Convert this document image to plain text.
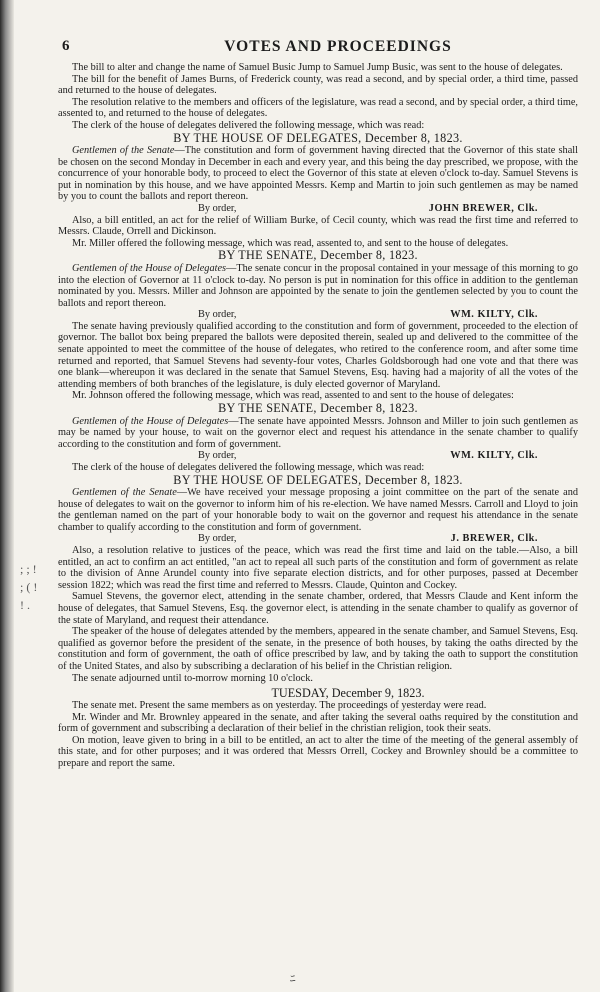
; ; ! ; ( ! ! .
6	VOTES AND PROCEEDINGS

The bill to alter and change the name of Samuel Busic Jump to Samuel Jump Busic, was sent to the house of delegates.

The bill for the benefit of James Burns, of Frederick county, was read a second, and by special order, a third time, passed and returned to the house of delegates.

The resolution relative to the members and officers of the legislature, was read a second, and by special order, a third time, assented to, and returned to the house of delegates.

The clerk of the house of delegates delivered the following message, which was read:

BY THE HOUSE OF DELEGATES, December 8, 1823.

Gentlemen of the Senate—The constitution and form of government having directed that the Governor of this state shall be chosen on the second Monday in December in each and every year, and this being the day prescribed, we propose, with the concurrence of your honorable body, to proceed to elect the Governor of this state at eleven o'clock to-day. Samuel Stevens is put in nomination by this house, and we have appointed Messrs. Kemp and Martin to join such gentlemen as may be named by you to count the ballots and report thereon.

By order,	JOHN BREWER, Clk.

Also, a bill entitled, an act for the relief of William Burke, of Cecil county, which was read the first time and referred to Messrs. Claude, Orrell and Dickinson.

Mr. Miller offered the following message, which was read, assented to, and sent to the house of delegates.

BY THE SENATE, December 8, 1823.

Gentlemen of the House of Delegates—The senate concur in the proposal contained in your message of this morning to go into the election of Governor at 11 o'clock to-day. No person is put in nomination for this office in addition to the gentleman nominated by you. Messrs. Miller and Johnson are appointed by the senate to join the gentlemen selected by you to count the ballots and report thereon.

By order,	WM. KILTY, Clk.

The senate having previously qualified according to the constitution and form of government, proceeded to the election of governor. The ballot box being prepared the ballots were deposited therein, sealed up and delivered to the committee of the senate appointed to meet the committee of the house of delegates, who retired to the conference room, and after some time returned and reported, that Samuel Stevens had seventy-four votes, Charles Goldsborough had one vote and that there was one blank—whereupon it was declared in the senate that Samuel Stevens, Esq. having had a majority of all the votes of the attending members of both branches of the legislature, is duly elected governor of Maryland.

Mr. Johnson offered the following message, which was read, assented to and sent to the house of delegates:

BY THE SENATE, December 8, 1823.

Gentlemen of the House of Delegates—The senate have appointed Messrs. Johnson and Miller to join such gentlemen as may be named by your house, to wait on the governor elect and request his attendance in the senate chamber to qualify according to the constitution and form of government.

By order,	WM. KILTY, Clk.

The clerk of the house of delegates delivered the following message, which was read:

BY THE HOUSE OF DELEGATES, December 8, 1823.

Gentlemen of the Senate—We have received your message proposing a joint committee on the part of the senate and house of delegates to wait on the governor to inform him of his re-election. We have named Messrs. Carroll and Lloyd to join the gentleman named on the part of your honorable body to wait on the governor and request his attendance in the senate chamber to qualify according to the constitution and form of government.

By order,	J. BREWER, Clk.

Also, a resolution relative to justices of the peace, which was read the first time and laid on the table.—Also, a bill entitled, an act to confirm an act entitled, "an act to repeal all such parts of the constitution and form of government as relate to the division of Anne Arundel county into five separate election districts, and for other purposes, passed at December session 1822; which was read the first time and referred to Messrs. Claude, Quinton and Cockey.

Samuel Stevens, the governor elect, attending in the senate chamber, ordered, that Messrs Claude and Kent inform the house of delegates, that Samuel Stevens, Esq. the governor elect, is attending in the senate chamber to qualify as governor of the state of Maryland, and request their attendance.

The speaker of the house of delegates attended by the members, appeared in the senate chamber, and Samuel Stevens, Esq. qualified as governor before the president of the senate, in the presence of both houses, by taking the oaths directed by the constitution and form of government, the oath of office prescribed by law, and by taking the oath to support the constitution of the United States, and also by subscribing a declaration of his belief in the Christian religion.

The senate adjourned until to-morrow morning 10 o'clock.

TUESDAY, December 9, 1823.

The senate met. Present the same members as on yesterday. The proceedings of yesterday were read.

Mr. Winder and Mr. Brownley appeared in the senate, and after taking the several oaths required by the constitution and form of government and subscribing a declaration of their belief in the christian religion, took their seats.

On motion, leave given to bring in a bill to be entitled, an act to alter the time of the meeting of the general assembly of this state, and for other purposes; and it was ordered that Messrs Orrell, Cockey and Brownley should be a committee to prepare and report the same.

ﾆ
